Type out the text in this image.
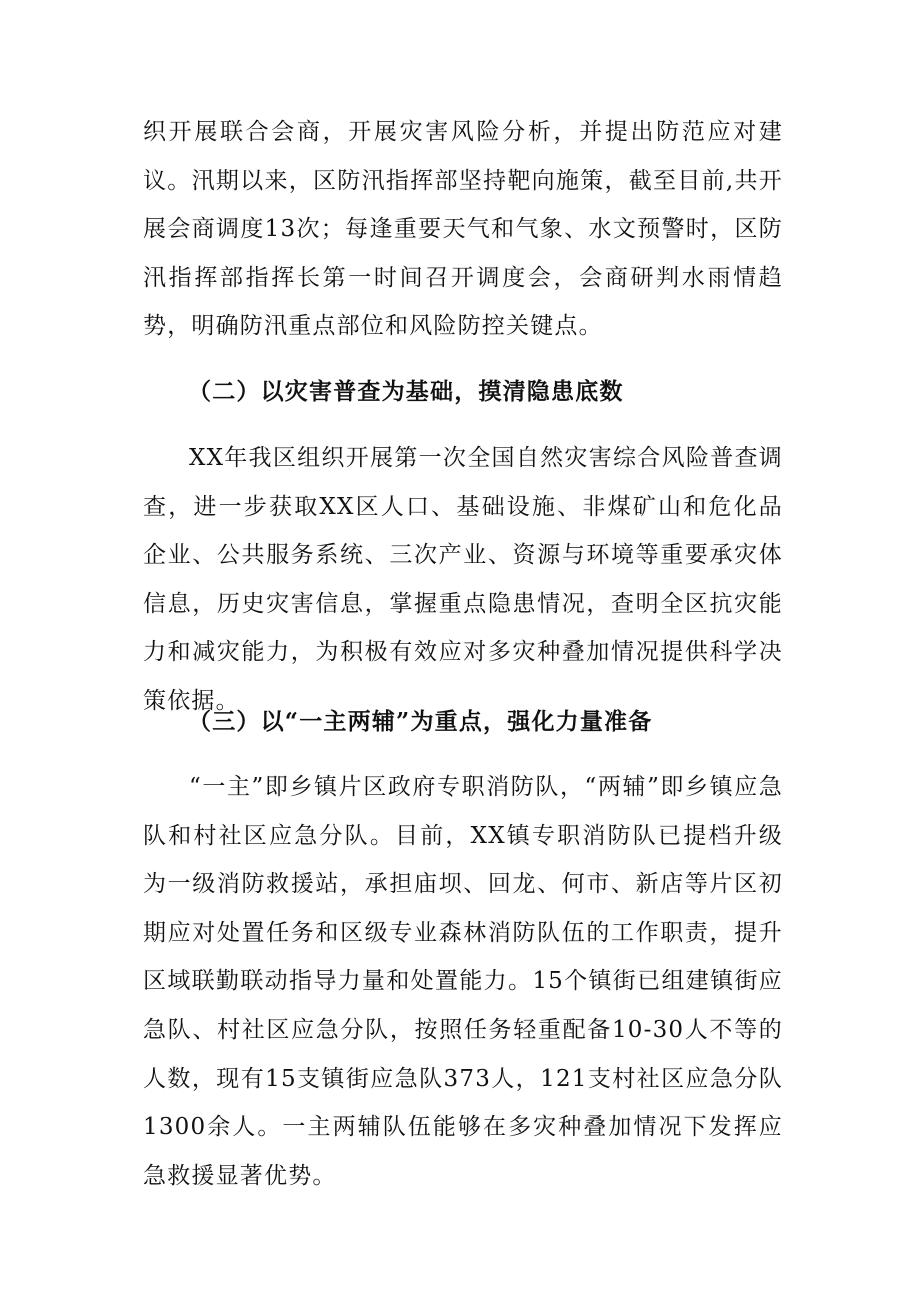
织开展联合会商，开展灾害风险分析，并提出防范应对建议。汛期以来，区防汛指挥部坚持靶向施策，截至目前,共开展会商调度13次；每逢重要天气和气象、水文预警时，区防汛指挥部指挥长第一时间召开调度会，会商研判水雨情趋势，明确防汛重点部位和风险防控关键点。

（二）以灾害普查为基础，摸清隐患底数

XX年我区组织开展第一次全国自然灾害综合风险普查调查，进一步获取XX区人口、基础设施、非煤矿山和危化品企业、公共服务系统、三次产业、资源与环境等重要承灾体信息，历史灾害信息，掌握重点隐患情况，查明全区抗灾能力和减灾能力，为积极有效应对多灾种叠加情况提供科学决策依据。

（三）以“一主两辅”为重点，强化力量准备

“一主”即乡镇片区政府专职消防队，“两辅”即乡镇应急队和村社区应急分队。目前，XX镇专职消防队已提档升级为一级消防救援站，承担庙坝、回龙、何市、新店等片区初期应对处置任务和区级专业森林消防队伍的工作职责，提升区域联勤联动指导力量和处置能力。15个镇街已组建镇街应急队、村社区应急分队，按照任务轻重配备10-30人不等的人数，现有15支镇街应急队373人，121支村社区应急分队1300余人。一主两辅队伍能够在多灾种叠加情况下发挥应急救援显著优势。
